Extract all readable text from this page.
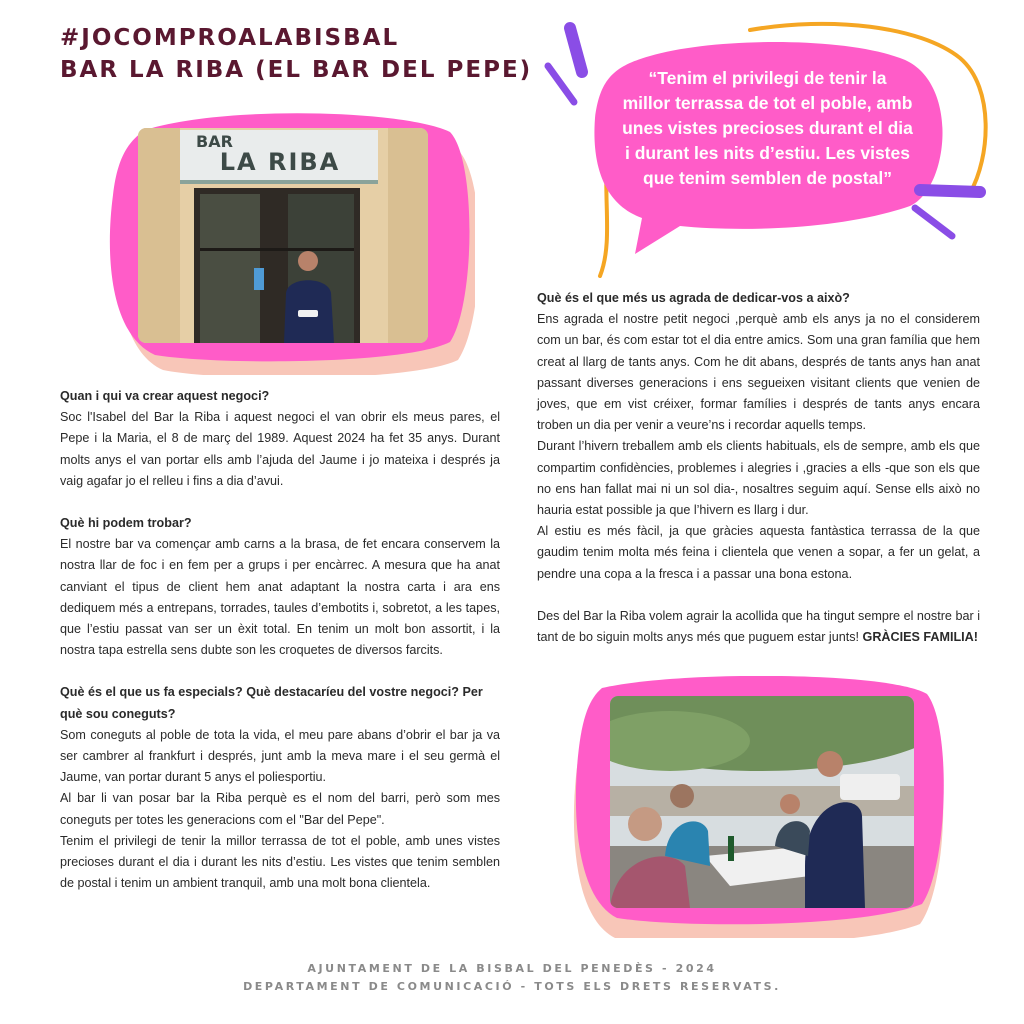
#JOCOMPROALABISBAL
BAR LA RIBA (EL BAR DEL PEPE)	“Tenim el privilegi de tenir la
millor terrassa de tot el poble, amb
unes vistes precioses durant el dia
i durant les nits d’estiu. Les vistes
que tenim semblen de postal”
BAR
LA RIBA

Quan i qui va crear aquest negoci?

Soc l'Isabel del Bar la Riba i aquest negoci el van obrir els meus pares, el Pepe i la Maria, el 8 de març del 1989. Aquest 2024 ha fet 35 anys. Durant molts anys el van portar ells amb l’ajuda del Jaume i jo mateixa i després ja vaig agafar jo el relleu i fins a dia d’avui.

Què hi podem trobar?

El nostre bar va començar amb carns a la brasa, de fet encara conservem la nostra llar de foc i en fem per a grups i per encàrrec. A mesura que ha anat canviant el tipus de client hem anat adaptant la nostra carta i ara ens dediquem més a entrepans, torrades, taules d’embotits i, sobretot, a les tapes, que l’estiu passat van ser un èxit total. En tenim un molt bon assortit, i la nostra tapa estrella sens dubte son les croquetes de diversos farcits.

Què és el que us fa especials? Què destacaríeu del vostre negoci? Per què sou coneguts?

Som coneguts al poble de tota la vida, el meu pare abans d’obrir el bar ja va ser cambrer al frankfurt i després, junt amb la meva mare i el seu germà el Jaume, van portar durant 5 anys el poliesportiu.

Al bar li van posar bar la Riba perquè es el nom del barri, però som mes coneguts per totes les generacions com el "Bar del Pepe".

Tenim el privilegi de tenir la millor terrassa de tot el poble, amb unes vistes precioses durant el dia i durant les nits d’estiu. Les vistes que tenim semblen de postal i tenim un ambient tranquil, amb una molt bona clientela.

Què és el que més us agrada de dedicar-vos a això?

Ens agrada el nostre petit negoci ,perquè amb els anys ja no el considerem com un bar, és com estar tot el dia entre amics. Som una gran família que hem creat al llarg de tants anys. Com he dit abans, després de tants anys han anat passant diverses generacions i ens segueixen visitant clients que venien de joves, que em vist créixer, formar famílies i després de tants anys encara troben un dia per venir a veure’ns i recordar aquells temps.

Durant l’hivern treballem amb els clients habituals, els de sempre, amb els que compartim confidències, problemes i alegries i ,gracies a ells -que son els que no ens han fallat mai ni un sol dia-, nosaltres seguim aquí. Sense ells això no hauria estat possible ja que l’hivern es llarg i dur.

Al estiu es més fàcil, ja que gràcies aquesta fantàstica terrassa de la que gaudim tenim molta més feina i clientela que venen a sopar, a fer un gelat, a pendre una copa a la fresca i a passar una bona estona.

Des del Bar la Riba volem agrair la acollida que ha tingut sempre el nostre bar i tant de bo siguin molts anys més que puguem estar junts! GRÀCIES FAMILIA!

AJUNTAMENT DE LA BISBAL DEL PENEDÈS - 2024
DEPARTAMENT DE COMUNICACIÓ - TOTS ELS DRETS RESERVATS.
